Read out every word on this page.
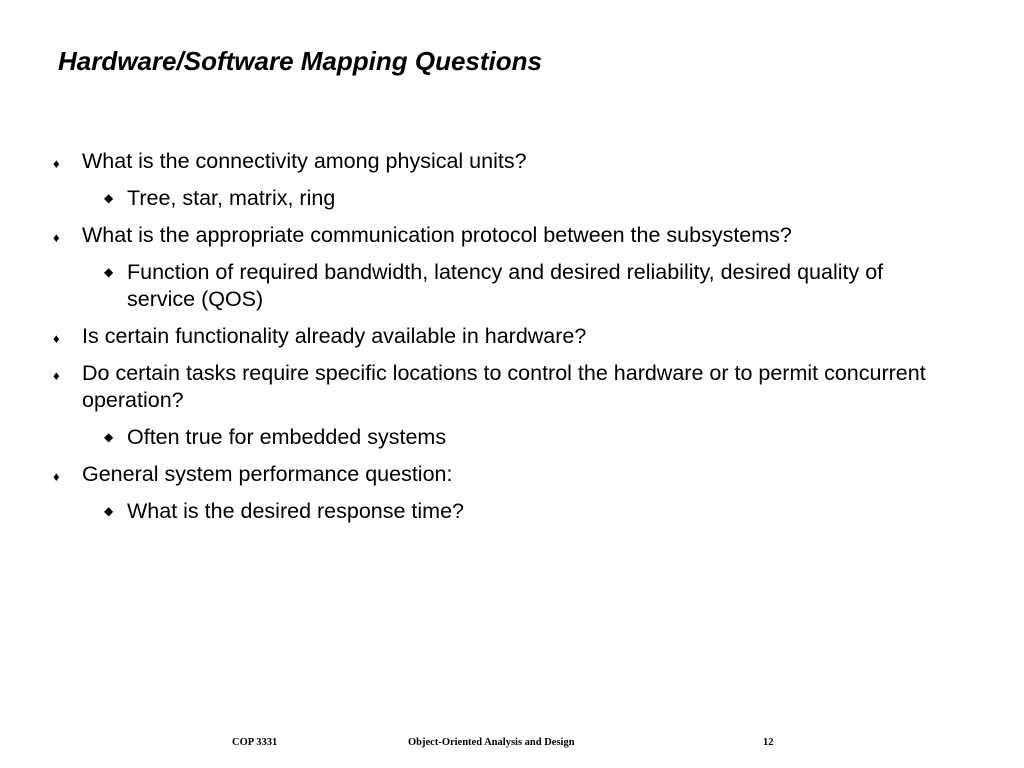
Hardware/Software Mapping Questions
♦ What is the connectivity among physical units?
◆ Tree, star, matrix, ring
♦ What is the appropriate communication protocol between the subsystems?
◆ Function of required bandwidth, latency and desired reliability, desired quality of service (QOS)
♦ Is certain functionality already available in hardware?
♦ Do certain tasks require specific locations to control the hardware or to permit concurrent operation?
◆ Often true for embedded systems
♦ General system performance question:
◆ What is the desired response time?
COP 3331	Object-Oriented Analysis and Design	12
